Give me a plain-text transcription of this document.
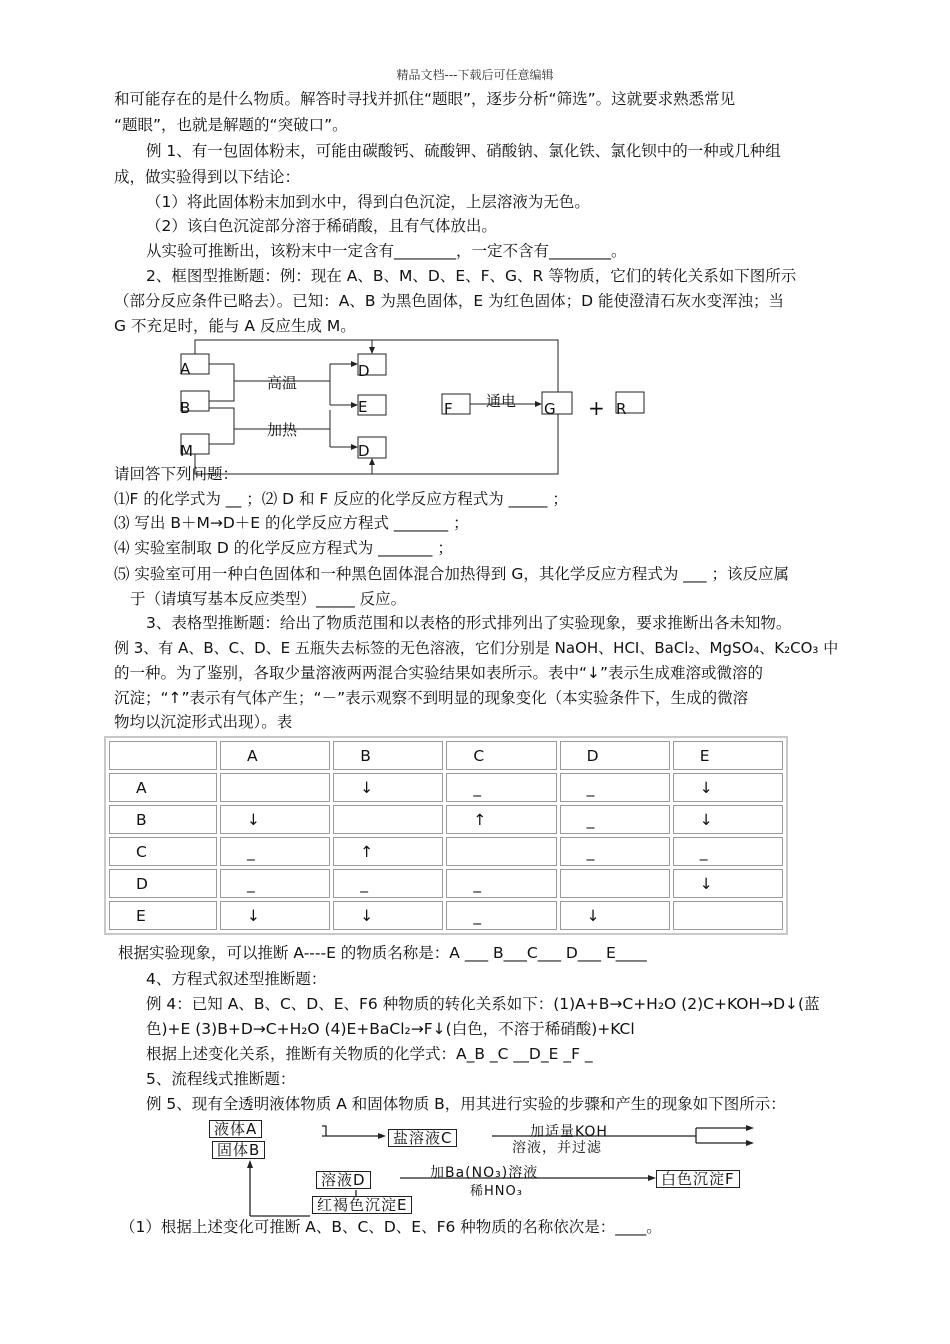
精品文档---下载后可任意编辑
和可能存在的是什么物质。解答时寻找并抓住“题眼”，逐步分析“筛选”。这就要求熟悉常见
“题眼”，也就是解题的“突破口”。
例 1、有一包固体粉末，可能由碳酸钙、硫酸钾、硝酸钠、氯化铁、氯化钡中的一种或几种组
成，做实验得到以下结论：
（1）将此固体粉末加到水中，得到白色沉淀，上层溶液为无色。
（2）该白色沉淀部分溶于稀硝酸，且有气体放出。
从实验可推断出，该粉末中一定含有________，一定不含有________。
2、框图型推断题：例：现在 A、B、M、D、E、F、G、R 等物质，它们的转化关系如下图所示
（部分反应条件已略去）。已知：A、B 为黑色固体，E 为红色固体；D 能使澄清石灰水变浑浊；当
G 不充足时，能与 A 反应生成 M。
A
B
M
D
E
D
F	G	R
+
高温
加热
通电
请回答下列问题：
⑴F 的化学式为 __ ；⑵ D 和 F 反应的化学反应方程式为 _____ ；
⑶ 写出 B＋M→D＋E 的化学反应方程式 _______ ；
⑷ 实验室制取 D 的化学反应方程式为 _______ ；
⑸ 实验室可用一种白色固体和一种黑色固体混合加热得到 G，其化学反应方程式为 ___ ；该反应属
于（请填写基本反应类型）_____ 反应。
3、表格型推断题：给出了物质范围和以表格的形式排列出了实验现象，要求推断出各未知物。
例 3、有 A、B、C、D、E 五瓶失去标签的无色溶液，它们分别是 NaOH、HCI、BaCl₂、MgSO₄、K₂CO₃ 中
的一种。为了鉴别，各取少量溶液两两混合实验结果如表所示。表中“↓”表示生成难溶或微溶的
沉淀；“↑”表示有气体产生；“－”表示观察不到明显的现象变化（本实验条件下，生成的微溶
物均以沉淀形式出现）。表
	A	B	C	D	E
A		↓	_	_	↓
B	↓		↑	_	↓
C	_	↑		_	_
D	_	_	_		↓
E	↓	↓	_	↓	
根据实验现象，可以推断 A----E 的物质名称是：A ___ B___C___ D___ E____
4、方程式叙述型推断题：
例 4：已知 A、B、C、D、E、F6 种物质的转化关系如下：(1)A+B→C+H₂O (2)C+KOH→D↓(蓝
色)+E (3)B+D→C+H₂O (4)E+BaCl₂→F↓(白色，不溶于稀硝酸)+KCl
根据上述变化关系，推断有关物质的化学式：A_B _C __D_E _F _
5、流程线式推断题：
例 5、现有全透明液体物质 A 和固体物质 B，用其进行实验的步骤和产生的现象如下图所示：
液体A
固体B
盐溶液C	加适量KOH
溶液，并过滤
溶液D	加Ba(NO₃)溶液
稀HNO₃
白色沉淀F
红褐色沉淀E
（1）根据上述变化可推断 A、B、C、D、E、F6 种物质的名称依次是：____。
